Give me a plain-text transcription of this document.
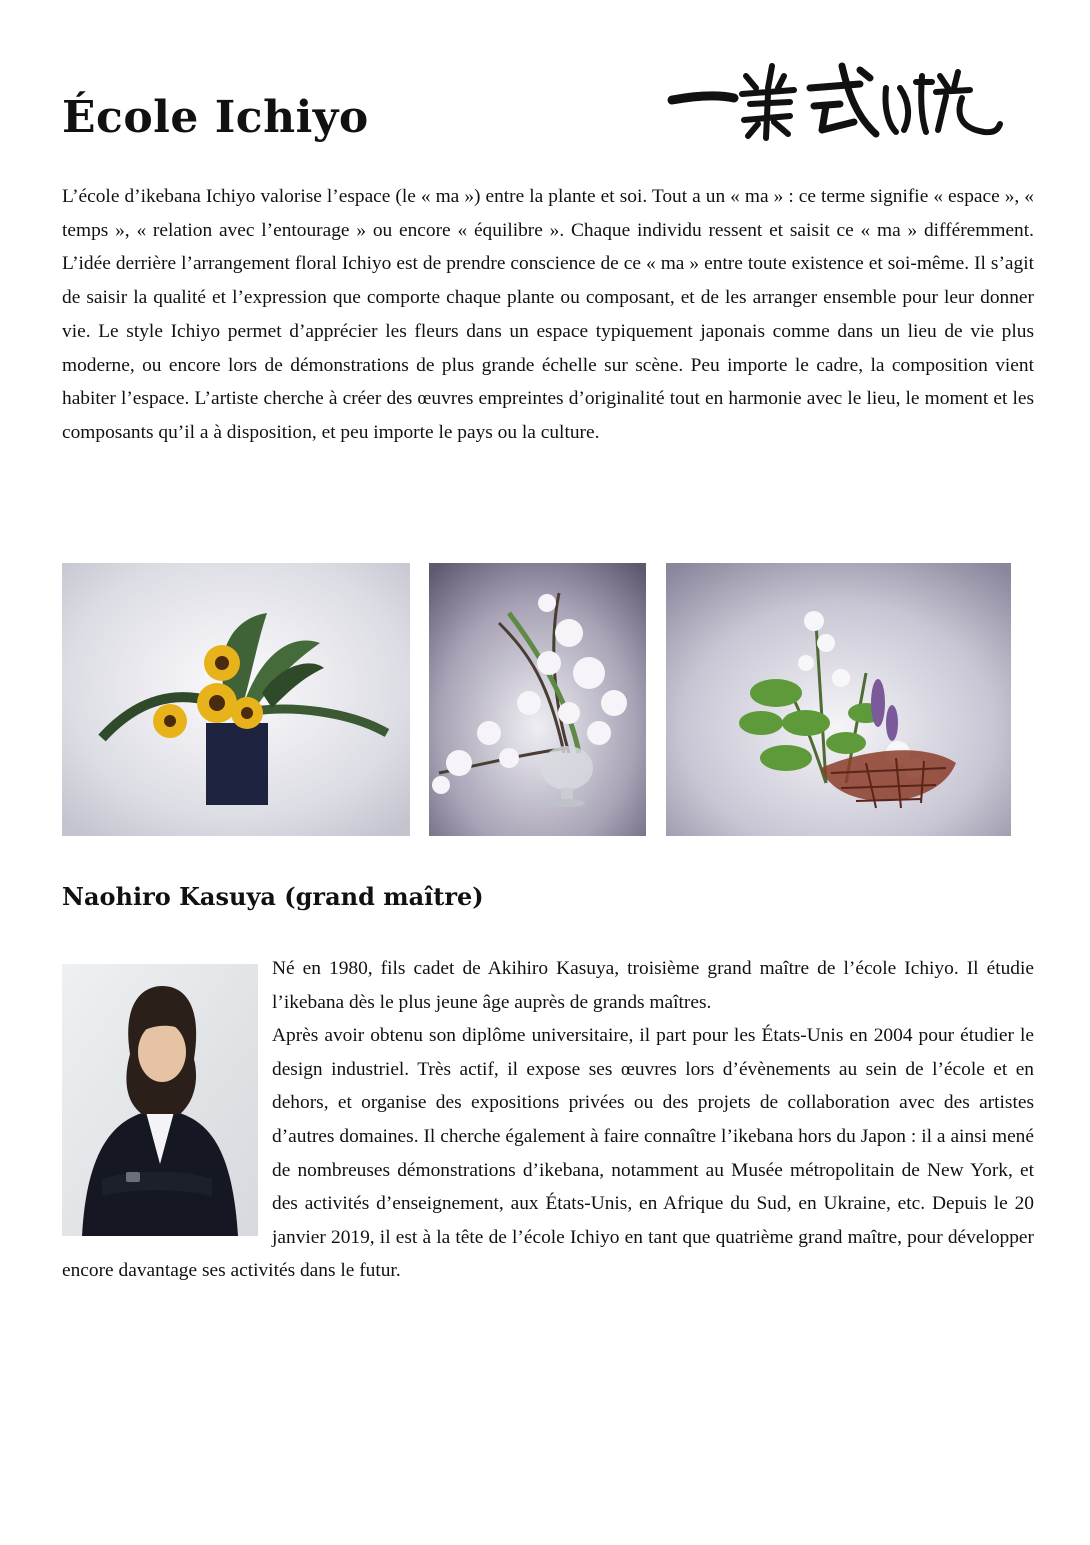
École Ichiyo

L’école d’ikebana Ichiyo valorise l’espace (le « ma ») entre la plante et soi. Tout a un « ma » : ce terme signifie « espace », « temps », « relation avec l’entourage » ou encore « équilibre ». Chaque individu ressent et saisit ce « ma » différemment. L’idée derrière l’arrangement floral Ichiyo est de prendre conscience de ce « ma » entre toute existence et soi-même. Il s’agit de saisir la qualité et l’expression que comporte chaque plante ou composant, et de les arranger ensemble pour leur donner vie. Le style Ichiyo permet d’apprécier les fleurs dans un espace typiquement japonais comme dans un lieu de vie plus moderne, ou encore lors de démonstrations de plus grande échelle sur scène. Peu importe le cadre, la composition vient habiter l’espace. L’artiste cherche à créer des œuvres empreintes d’originalité tout en harmonie avec le lieu, le moment et les composants qu’il a à disposition, et peu importe le pays ou la culture.

Naohiro Kasuya (grand maître)

Né en 1980, fils cadet de Akihiro Kasuya, troisième grand maître de l’école Ichiyo. Il étudie l’ikebana dès le plus jeune âge auprès de grands maîtres.

Après avoir obtenu son diplôme universitaire, il part pour les États-Unis en 2004 pour étudier le design industriel. Très actif, il expose ses œuvres lors d’évènements au sein de l’école et en dehors, et organise des expositions privées ou des projets de collaboration avec des artistes d’autres domaines. Il cherche également à faire connaître l’ikebana hors du Japon : il a ainsi mené de nombreuses démonstrations d’ikebana, notamment au Musée métropolitain de New York, et des activités d’enseignement, aux États-Unis, en Afrique du Sud, en Ukraine, etc. Depuis le 20 janvier 2019, il est à la tête de l’école Ichiyo en tant que quatrième grand maître, pour développer encore davantage ses activités dans le futur.
